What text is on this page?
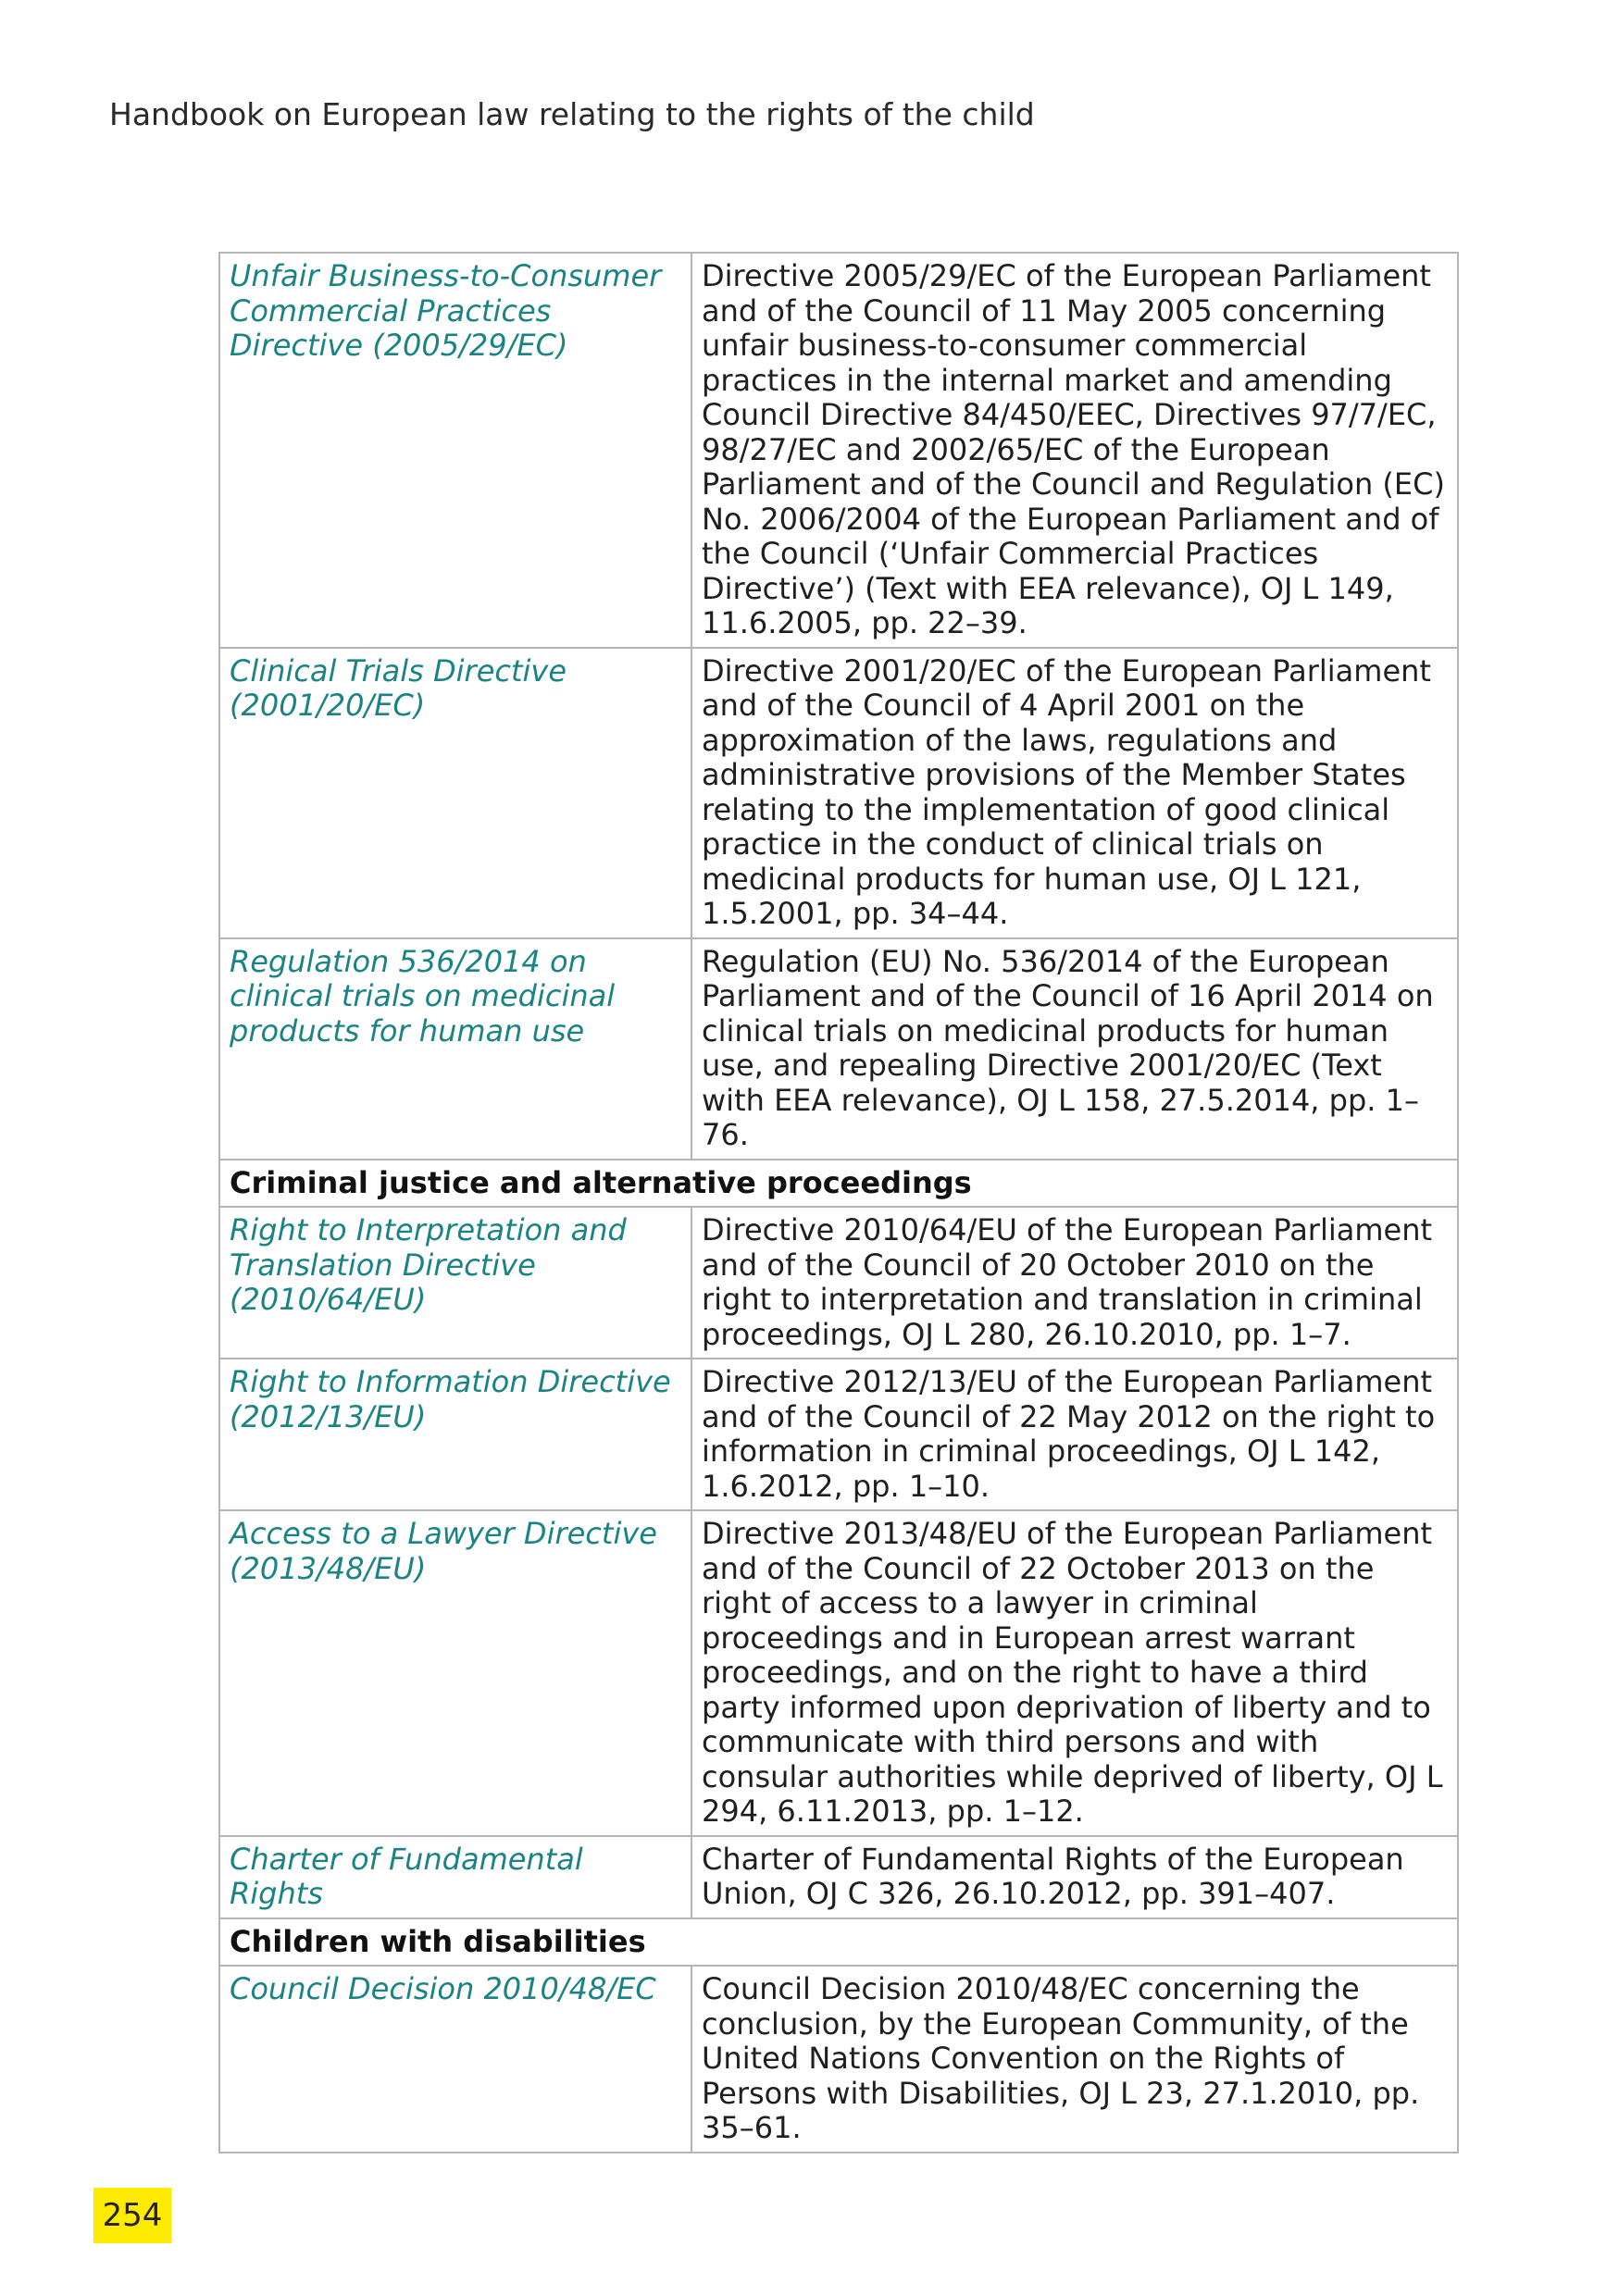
Handbook on European law relating to the rights of the child
Unfair Business-to-Consumer Commercial Practices Directive (2005/29/EC)	Directive 2005/29/EC of the European Parliament and of the Council of 11 May 2005 concerning unfair business-to-consumer commercial practices in the internal market and amending Council Directive 84/450/EEC, Directives 97/7/EC, 98/27/EC and 2002/65/EC of the European Parliament and of the Council and Regulation (EC) No. 2006/2004 of the European Parliament and of the Council (‘Unfair Commercial Practices Directive’) (Text with EEA relevance), OJ L 149, 11.6.2005, pp. 22–39.
Clinical Trials Directive (2001/20/EC)	Directive 2001/20/EC of the European Parliament and of the Council of 4 April 2001 on the approximation of the laws, regulations and administrative provisions of the Member States relating to the implementation of good clinical practice in the conduct of clinical trials on medicinal products for human use, OJ L 121, 1.5.2001, pp. 34–44.
Regulation 536/2014 on clinical trials on medicinal products for human use	Regulation (EU) No. 536/2014 of the European Parliament and of the Council of 16 April 2014 on clinical trials on medicinal products for human use, and repealing Directive 2001/20/EC (Text with EEA relevance), OJ L 158, 27.5.2014, pp. 1–76.
Criminal justice and alternative proceedings	
Right to Interpretation and Translation Directive (2010/64/EU)	Directive 2010/64/EU of the European Parliament and of the Council of 20 October 2010 on the right to interpretation and translation in criminal proceedings, OJ L 280, 26.10.2010, pp. 1–7.
Right to Information Directive (2012/13/EU)	Directive 2012/13/EU of the European Parliament and of the Council of 22 May 2012 on the right to information in criminal proceedings, OJ L 142, 1.6.2012, pp. 1–10.
Access to a Lawyer Directive (2013/48/EU)	Directive 2013/48/EU of the European Parliament and of the Council of 22 October 2013 on the right of access to a lawyer in criminal proceedings and in European arrest warrant proceedings, and on the right to have a third party informed upon deprivation of liberty and to communicate with third persons and with consular authorities while deprived of liberty, OJ L 294, 6.11.2013, pp. 1–12.
Charter of Fundamental Rights	Charter of Fundamental Rights of the European Union, OJ C 326, 26.10.2012, pp. 391–407.
Children with disabilities	
Council Decision 2010/48/EC	Council Decision 2010/48/EC concerning the conclusion, by the European Community, of the United Nations Convention on the Rights of Persons with Disabilities, OJ L 23, 27.1.2010, pp. 35–61.
254
